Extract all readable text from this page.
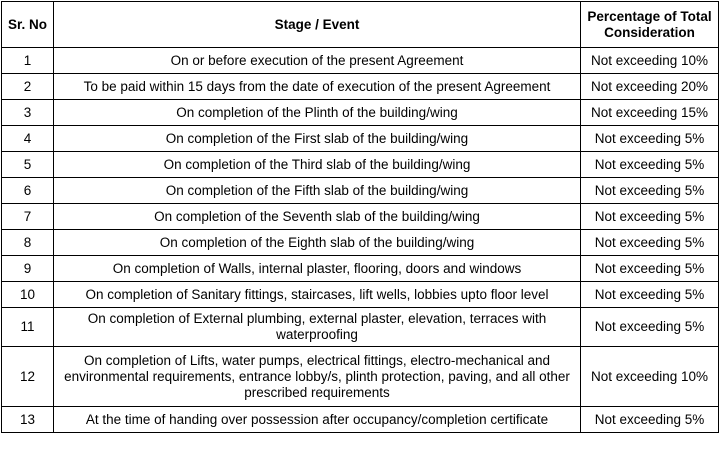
Sr. No	Stage / Event	Percentage of Total Consideration
1	On or before execution of the present Agreement	Not exceeding 10%
2	To be paid within 15 days from the date of execution of the present Agreement	Not exceeding 20%
3	On completion of the Plinth of the building/wing	Not exceeding 15%
4	On completion of the First slab of the building/wing	Not exceeding 5%
5	On completion of the Third slab of the building/wing	Not exceeding 5%
6	On completion of the Fifth slab of the building/wing	Not exceeding 5%
7	On completion of the Seventh slab of the building/wing	Not exceeding 5%
8	On completion of the Eighth slab of the building/wing	Not exceeding 5%
9	On completion of Walls, internal plaster, flooring, doors and windows	Not exceeding 5%
10	On completion of Sanitary fittings, staircases, lift wells, lobbies upto floor level	Not exceeding 5%
11	On completion of External plumbing, external plaster, elevation, terraces with waterproofing	Not exceeding 5%
12	On completion of Lifts, water pumps, electrical fittings, electro-mechanical and environmental requirements, entrance lobby/s, plinth protection, paving, and all other prescribed requirements	Not exceeding 10%
13	At the time of handing over possession after occupancy/completion certificate	Not exceeding 5%
